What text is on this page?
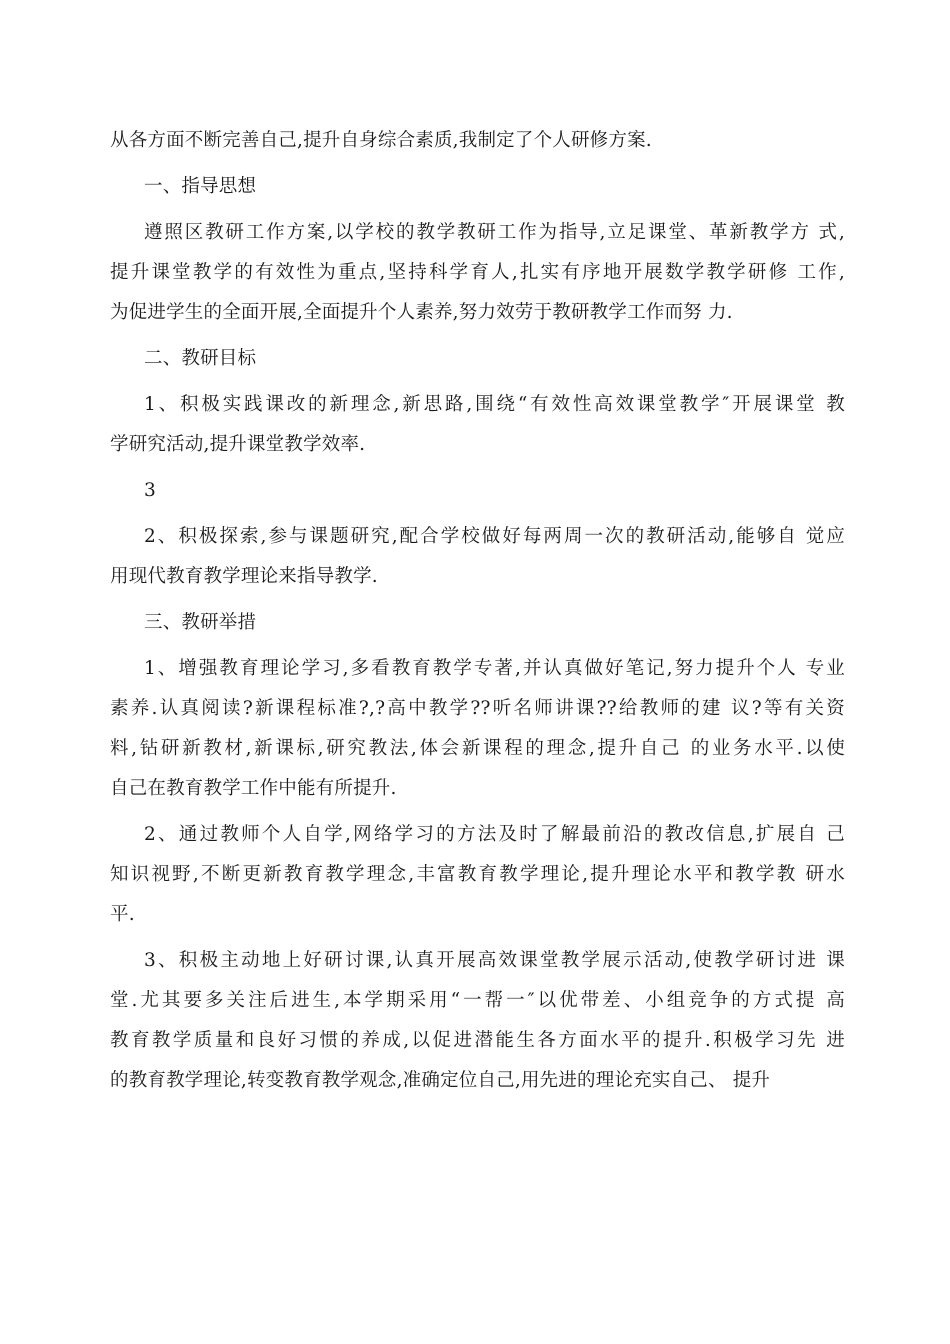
从各方面不断完善自己,提升自身综合素质,我制定了个人研修方案.
一、指导思想
遵照区教研工作方案,以学校的教学教研工作为指导,立足课堂、革新教学方 式,
提升课堂教学的有效性为重点,坚持科学育人,扎实有序地开展数学教学研修 工作,
为促进学生的全面开展,全面提升个人素养,努力效劳于教研教学工作而努 力.
二、教研目标
1、积极实践课改的新理念,新思路,围绕“有效性高效课堂教学″开展课堂 教
学研究活动,提升课堂教学效率.
3
2、积极探索,参与课题研究,配合学校做好每两周一次的教研活动,能够自 觉应
用现代教育教学理论来指导教学.
三、教研举措
1、增强教育理论学习,多看教育教学专著,并认真做好笔记,努力提升个人 专业
素养.认真阅读?新课程标准?,?高中教学??听名师讲课??给教师的建 议?等有关资
料,钻研新教材,新课标,研究教法,体会新课程的理念,提升自己 的业务水平.以使
自己在教育教学工作中能有所提升.
2、通过教师个人自学,网络学习的方法及时了解最前沿的教改信息,扩展自 己
知识视野,不断更新教育教学理念,丰富教育教学理论,提升理论水平和教学教 研水
平.
3、积极主动地上好研讨课,认真开展高效课堂教学展示活动,使教学研讨进 课
堂.尤其要多关注后进生,本学期采用“一帮一″以优带差、小组竞争的方式提 高
教育教学质量和良好习惯的养成,以促进潜能生各方面水平的提升.积极学习先 进
的教育教学理论,转变教育教学观念,准确定位自己,用先进的理论充实自己、 提升
